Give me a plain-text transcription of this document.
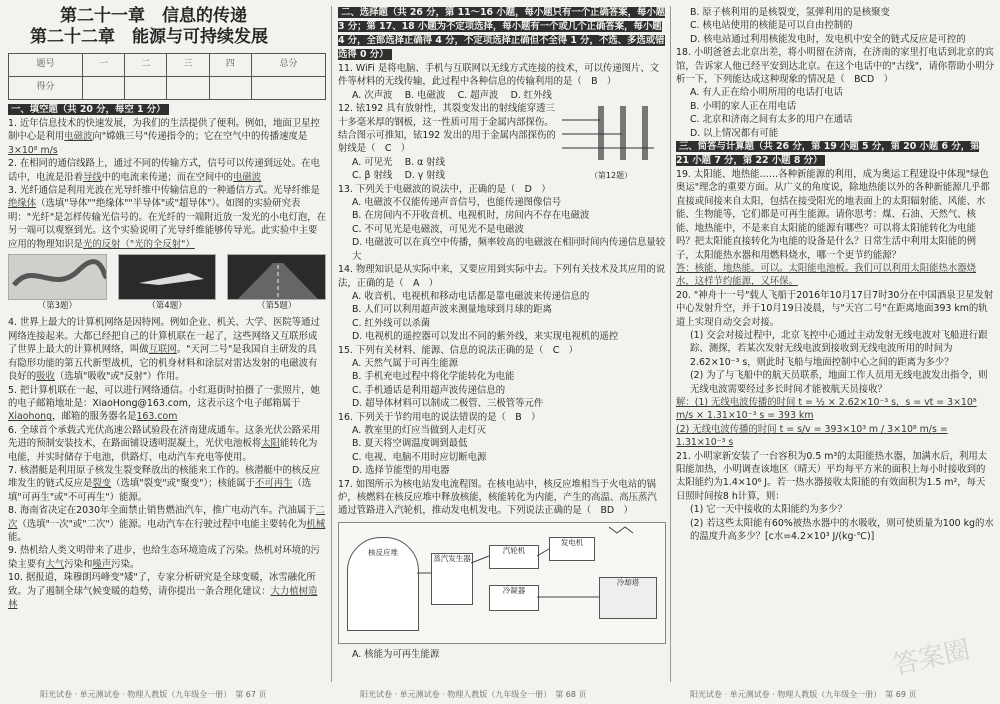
第二十一章　信息的传递
第二十二章　能源与可持续发展
题号	一	二	三	四	总分
得分					
一、填空题（共 20 分，每空 1 分）

1. 近年信息技术的快速发展，为我们的生活提供了便利。例如，地面卫星控制中心是利用电磁波向"嫦娥三号"传递指令的；它在空气中的传播速度是3×10⁸ m/s

2. 在相同的通信线路上，通过不同的传输方式，信号可以传递到远处。在电话中，电流是沿着导线中的电流来传递；而在空间中的电磁波

3. 光纤通信是利用光波在光导纤维中传输信息的一种通信方式。光导纤维是绝缘体（选填"导体""绝缘体""半导体"或"超导体"）。如图的实验研究表明："光纤"是怎样传输光信号的。在光纤的一端附近放一发光的小电灯泡，在另一端可以观察到光。这个实验说明了光导纤维能够传导光。此实验中主要应用的物理知识是光的反射（"光的全反射"）

（第3题）	（第4题）	（第5题）

4. 世界上最大的计算机网络是因特网。例如企业、机关、大学、医院等通过网络连接起来。大都已经把自己的计算机联在一起了，这些网络又互联形成了世界上最大的计算机网络，叫做互联网。"天河二号"是我国自主研发的具有隐形功能的第五代新型战机，它的机身材料和涂层对雷达发射的电磁波有良好的吸收（选填"吸收"或"反射"）作用。

5. 把计算机联在一起，可以进行网络通信。小红逛街时拍摄了一张照片，她的电子邮箱地址是：XiaoHong@163.com，这表示这个电子邮箱属于Xiaohong，邮箱的服务器名是163.com

6. 全球首个承载式光伏高速公路试验段在济南建成通车。这条光伏公路采用先进的预制安装技术，在路面铺设透明混凝土，光伏电池板将太阳能转化为电能，并实时储存于电池，供路灯、电动汽车充电等使用。

7. 核潜艇是利用原子核发生裂变释放出的核能来工作的。核潜艇中的核反应堆发生的链式反应是裂变（选填"裂变"或"聚变"）；核能属于不可再生（选填"可再生"或"不可再生"）能源。

8. 海南省决定在2030年全面禁止销售燃油汽车，推广电动汽车。汽油属于二次（选填"一次"或"二次"）能源。电动汽车在行驶过程中电能主要转化为机械能。

9. 热机给人类文明带来了进步，也给生态环境造成了污染。热机对环境的污染主要有大气污染和噪声污染。

10. 据报道，珠穆朗玛峰变"矮"了，专家分析研究是全球变暖，冰雪融化所致。为了遏制全球气候变暖的趋势，请你提出一条合理化建议：大力植树造林

二、选择题（共 26 分，第 11～16 小题，每小题只有一个正确答案，每小题 3 分；第 17、18 小题为不定项选择，每小题有一个或几个正确答案，每小题 4 分，全部选择正确得 4 分，不定项选择正确但不全得 1 分，不选、多选或错选得 0 分）

11. WiFi 是将电脑、手机与互联网以无线方式连接的技术，可以传递图片、文件等材料的无线传输，此过程中各种信息的传输利用的是（　B　）

A. 次声波　 B. 电磁波　 C. 超声波　 D. 红外线

12. 铱192 具有放射性，其裂变发出的射线能穿透三十多毫米厚的钢板，这一性质可用于金属内部探伤。结合图示可推知，铱192 发出的用于金属内部探伤的射线是（　C　）

A. 可见光　 B. α 射线
C. β 射线　 D. γ 射线	（第12题）

13. 下列关于电磁波的说法中，正确的是（　D　）

A. 电磁波不仅能传递声音信号，也能传递图像信号
B. 在房间内不开收音机、电视机时，房间内不存在电磁波
C. 不可见光是电磁波，可见光不是电磁波
D. 电磁波可以在真空中传播，频率较高的电磁波在相同时间内传递信息量较大

14. 物理知识是从实际中来，又要应用到实际中去。下列有关技术及其应用的说法，正确的是（　A　）

A. 收音机、电视机和移动电话都是靠电磁波来传递信息的
B. 人们可以利用超声波来测量地球到月球的距离
C. 红外线可以杀菌
D. 电视机的遥控器可以发出不同的紫外线，来实现电视机的遥控

15. 下列有关材料、能源、信息的说法正确的是（　C　）

A. 天然气属于可再生能源
B. 手机充电过程中将化学能转化为电能
C. 手机通话是利用超声波传递信息的
D. 超导体材料可以制成二极管、三极管等元件

16. 下列关于节约用电的说法错误的是（　B　）

A. 教室里的灯应当做到人走灯灭
B. 夏天将空调温度调到最低
C. 电视、电脑不用时应切断电源
D. 选择节能型的用电器

17. 如图所示为核电站发电流程图。在核电站中，核反应堆相当于火电站的锅炉，核燃料在核反应堆中释放核能，核能转化为内能，产生的高温、高压蒸汽通过管路进入汽轮机，推动发电机发电。下列说法正确的是（　BD　）

核反应堆
蒸汽发生器
冷凝器
发电机
汽轮机
冷却塔
A. 核能为可再生能源
B. 原子核利用的是核裂变，氢弹利用的是核聚变
C. 核电站使用的核能是可以自由控制的
D. 核电站通过利用核能发电时，发电机中安全的链式反应是可控的

18. 小明爸爸去北京出差，将小明留在济南，在济南的家里打电话到北京的宾馆，告诉家人他已经平安到达北京。在这个电话中的"古线"，请你帮助小明分析一下，下列能达成这种现象的情况是（　BCD　）

A. 有人正在给小明所用的电话打电话
B. 小明的家人正在用电话
C. 北京和济南之间有太多的用户在通话
D. 以上情况都有可能
三、简答与计算题（共 26 分，第 19 小题 5 分，第 20 小题 6 分，第 21 小题 7 分，第 22 小题 8 分）

19. 太阳能、地热能……各种新能源的利用，成为奥运工程建设中体现"绿色奥运"理念的重要方面。从广义的角度说，除地热能以外的各种新能源几乎都直接或间接来自太阳，包括在接受阳光的地表面上的太阳辐射能、风能、水能、生物能等，它们都是可再生能源。请你思考：煤、石油、天然气、核能、地热能中，不是来自太阳能的能源有哪些？可以将太阳能转化为电能吗？把太阳能直接转化为电能的设备是什么？日常生活中利用太阳能的例子，太阳能热水器和用燃料烧水，哪一个更节约能源？

答：核能、地热能。可以。太阳能电池板。我们可以利用太阳能热水器烧水，这样节约能源，又环保。

20. "神舟十一号"载人飞船于2016年10月17日7时30分在中国酒泉卫星发射中心发射升空，并于10月19日凌晨，与"天宫二号"在距离地面393 km的轨道上实现自动交会对接。

(1) 交会对接过程中，北京飞控中心通过主动发射无线电波对飞船进行跟踪、测探，若某次发射无线电波到接收到无线电波所用的时间为2.62×10⁻³ s，则此时飞船与地面控制中心之间的距离为多少？

(2) 为了与飞船中的航天员联系，地面工作人员用无线电波发出指令，则无线电波需要经过多长时间才能被航天员接收？

解：(1) 无线电波传播的时间 t = ½ × 2.62×10⁻³ s，s = vt = 3×10⁸ m/s × 1.31×10⁻³ s = 393 km

(2) 无线电波传播的时间 t = s/v = 393×10³ m / 3×10⁸ m/s = 1.31×10⁻³ s

21. 小明家新安装了一台容积为0.5 m³的太阳能热水器，加满水后，利用太阳能加热，小明调查该地区（晴天）平均每平方米的面积上每小时接收到的太阳能约为1.4×10⁶ J。若一热水器接收太阳能的有效面积为1.5 m²，每天日照时间按8 h计算，则：

(1) 它一天中接收的太阳能约为多少？

(2) 若这些太阳能有60%被热水器中的水吸收，则可使质量为100 kg的水的温度升高多少？[c水=4.2×10³ J/(kg·℃)]

阳光试卷 · 单元测试卷 · 物理人教版（九年级全一册）　第 67 页	阳光试卷 · 单元测试卷 · 物理人教版（九年级全一册）　第 68 页	阳光试卷 · 单元测试卷 · 物理人教版（九年级全一册）　第 69 页
答案圈
